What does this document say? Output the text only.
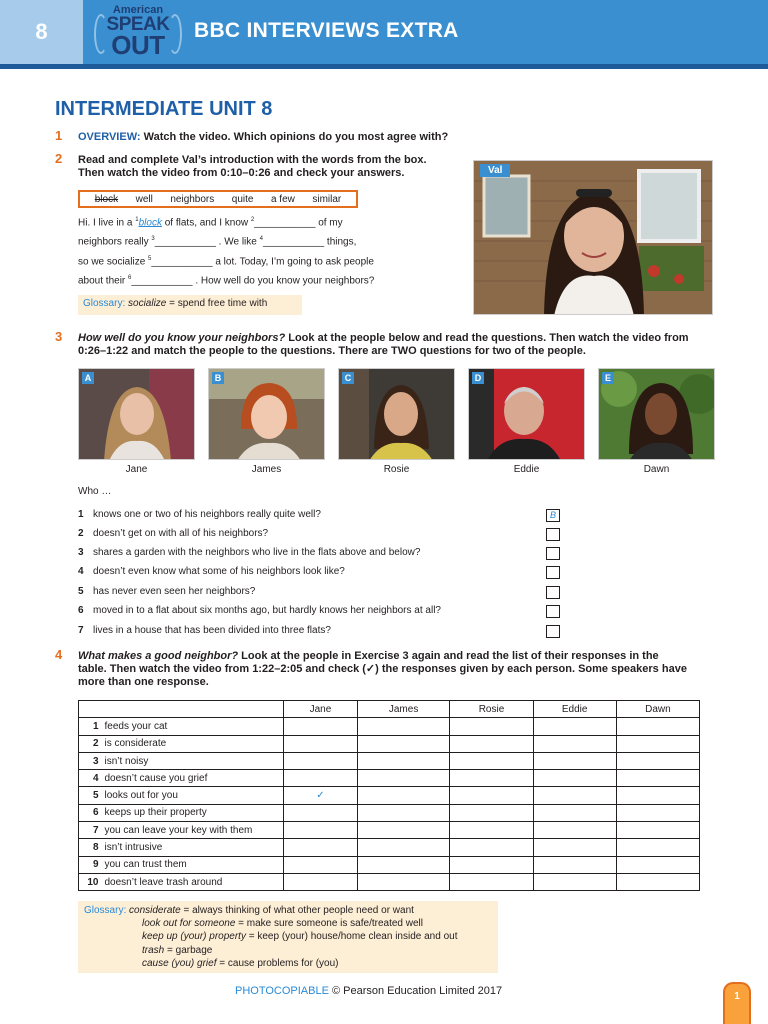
8
American
SPEAK
OUT	BBC INTERVIEWS EXTRA
INTERMEDIATE UNIT 8
1 OVERVIEW: Watch the video. Which opinions do you most agree with?
2 Read and complete Val’s introduction with the words from the box.
Then watch the video from 0:10–0:26 and check your answers.
block well neighbors quite a few similar
Hi. I live in a $^1$block of flats, and I know $^2$___________ of my
neighbors really $^3$___________ . We like $^4$___________ things,
so we socialize $^5$___________ a lot. Today, I’m going to ask people
about their $^6$___________ . How well do you know your neighbors?
Glossary: socialize = spend free time with
Val
3 How well do you know your neighbors? Look at the people below and read the questions. Then watch the video from
0:26–1:22 and match the people to the questions. There are TWO questions for two of the people.
A
Jane
B
James
C
Rosie
D
Eddie
E
Dawn
Who …
1 knows one or two of his neighbors really quite well?	B
2 doesn’t get on with all of his neighbors?
3 shares a garden with the neighbors who live in the flats above and below?
4 doesn’t even know what some of his neighbors look like?
5 has never even seen her neighbors?
6 moved in to a flat about six months ago, but hardly knows her neighbors at all?
7 lives in a house that has been divided into three flats?
4 What makes a good neighbor? Look at the people in Exercise 3 again and read the list of their responses in the
table. Then watch the video from 1:22–2:05 and check (✓) the responses given by each person. Some speakers have
more than one response.
		Jane	James	Rosie	Eddie	Dawn
1	feeds your cat					
2	is considerate					
3	isn’t noisy					
4	doesn’t cause you grief					
5	looks out for you	✓				
6	keeps up their property					
7	you can leave your key with them					
8	isn’t intrusive					
9	you can trust them					
10	doesn’t leave trash around					
Glossary: considerate = always thinking of what other people need or want
look out for someone = make sure someone is safe/treated well
keep up (your) property = keep (your) house/home clean inside and out
trash = garbage
cause (you) grief = cause problems for (you)
PHOTOCOPIABLE © Pearson Education Limited 2017	1
